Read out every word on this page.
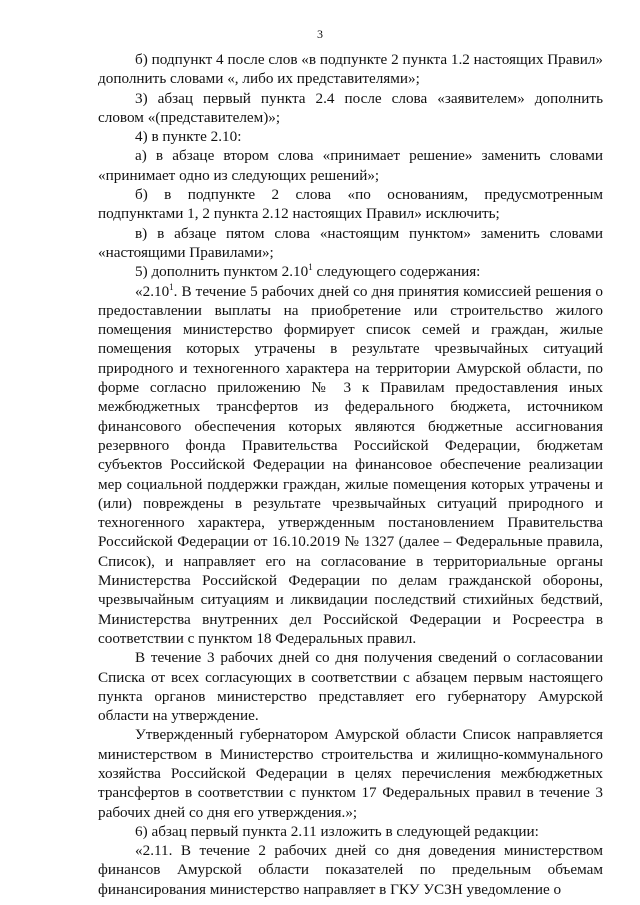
3

б) подпункт 4 после слов «в подпункте 2 пункта 1.2 настоящих Правил» дополнить словами «, либо их представителями»;

3) абзац первый пункта 2.4 после слова «заявителем» дополнить словом «(представителем)»;

4) в пункте 2.10:

а) в абзаце втором слова «принимает решение» заменить словами «принимает одно из следующих решений»;

б) в подпункте 2 слова «по основаниям, предусмотренным подпунктами 1, 2 пункта 2.12 настоящих Правил» исключить;

в) в абзаце пятом слова «настоящим пунктом» заменить словами «настоящими Правилами»;

5) дополнить пунктом 2.10$^1$ следующего содержания:

«2.10$^1$. В течение 5 рабочих дней со дня принятия комиссией решения о предоставлении выплаты на приобретение или строительство жилого помещения министерство формирует список семей и граждан, жилые помещения которых утрачены в результате чрезвычайных ситуаций природного и техногенного характера на территории Амурской области, по форме согласно приложению № 3 к Правилам предоставления иных межбюджетных трансфертов из федерального бюджета, источником финансового обеспечения которых являются бюджетные ассигнования резервного фонда Правительства Российской Федерации, бюджетам субъектов Российской Федерации на финансовое обеспечение реализации мер социальной поддержки граждан, жилые помещения которых утрачены и (или) повреждены в результате чрезвычайных ситуаций природного и техногенного характера, утвержденным постановлением Правительства Российской Федерации от 16.10.2019 № 1327 (далее – Федеральные правила, Список), и направляет его на согласование в территориальные органы Министерства Российской Федерации по делам гражданской обороны, чрезвычайным ситуациям и ликвидации последствий стихийных бедствий, Министерства внутренних дел Российской Федерации и Росреестра в соответствии с пунктом 18 Федеральных правил.

В течение 3 рабочих дней со дня получения сведений о согласовании Списка от всех согласующих в соответствии с абзацем первым настоящего пункта органов министерство представляет его губернатору Амурской области на утверждение.

Утвержденный губернатором Амурской области Список направляется министерством в Министерство строительства и жилищно-коммунального хозяйства Российской Федерации в целях перечисления межбюджетных трансфертов в соответствии с пунктом 17 Федеральных правил в течение 3 рабочих дней со дня его утверждения.»;

6) абзац первый пункта 2.11 изложить в следующей редакции:

«2.11. В течение 2 рабочих дней со дня доведения министерством финансов Амурской области показателей по предельным объемам финансирования министерство направляет в ГКУ УСЗН уведомление о
